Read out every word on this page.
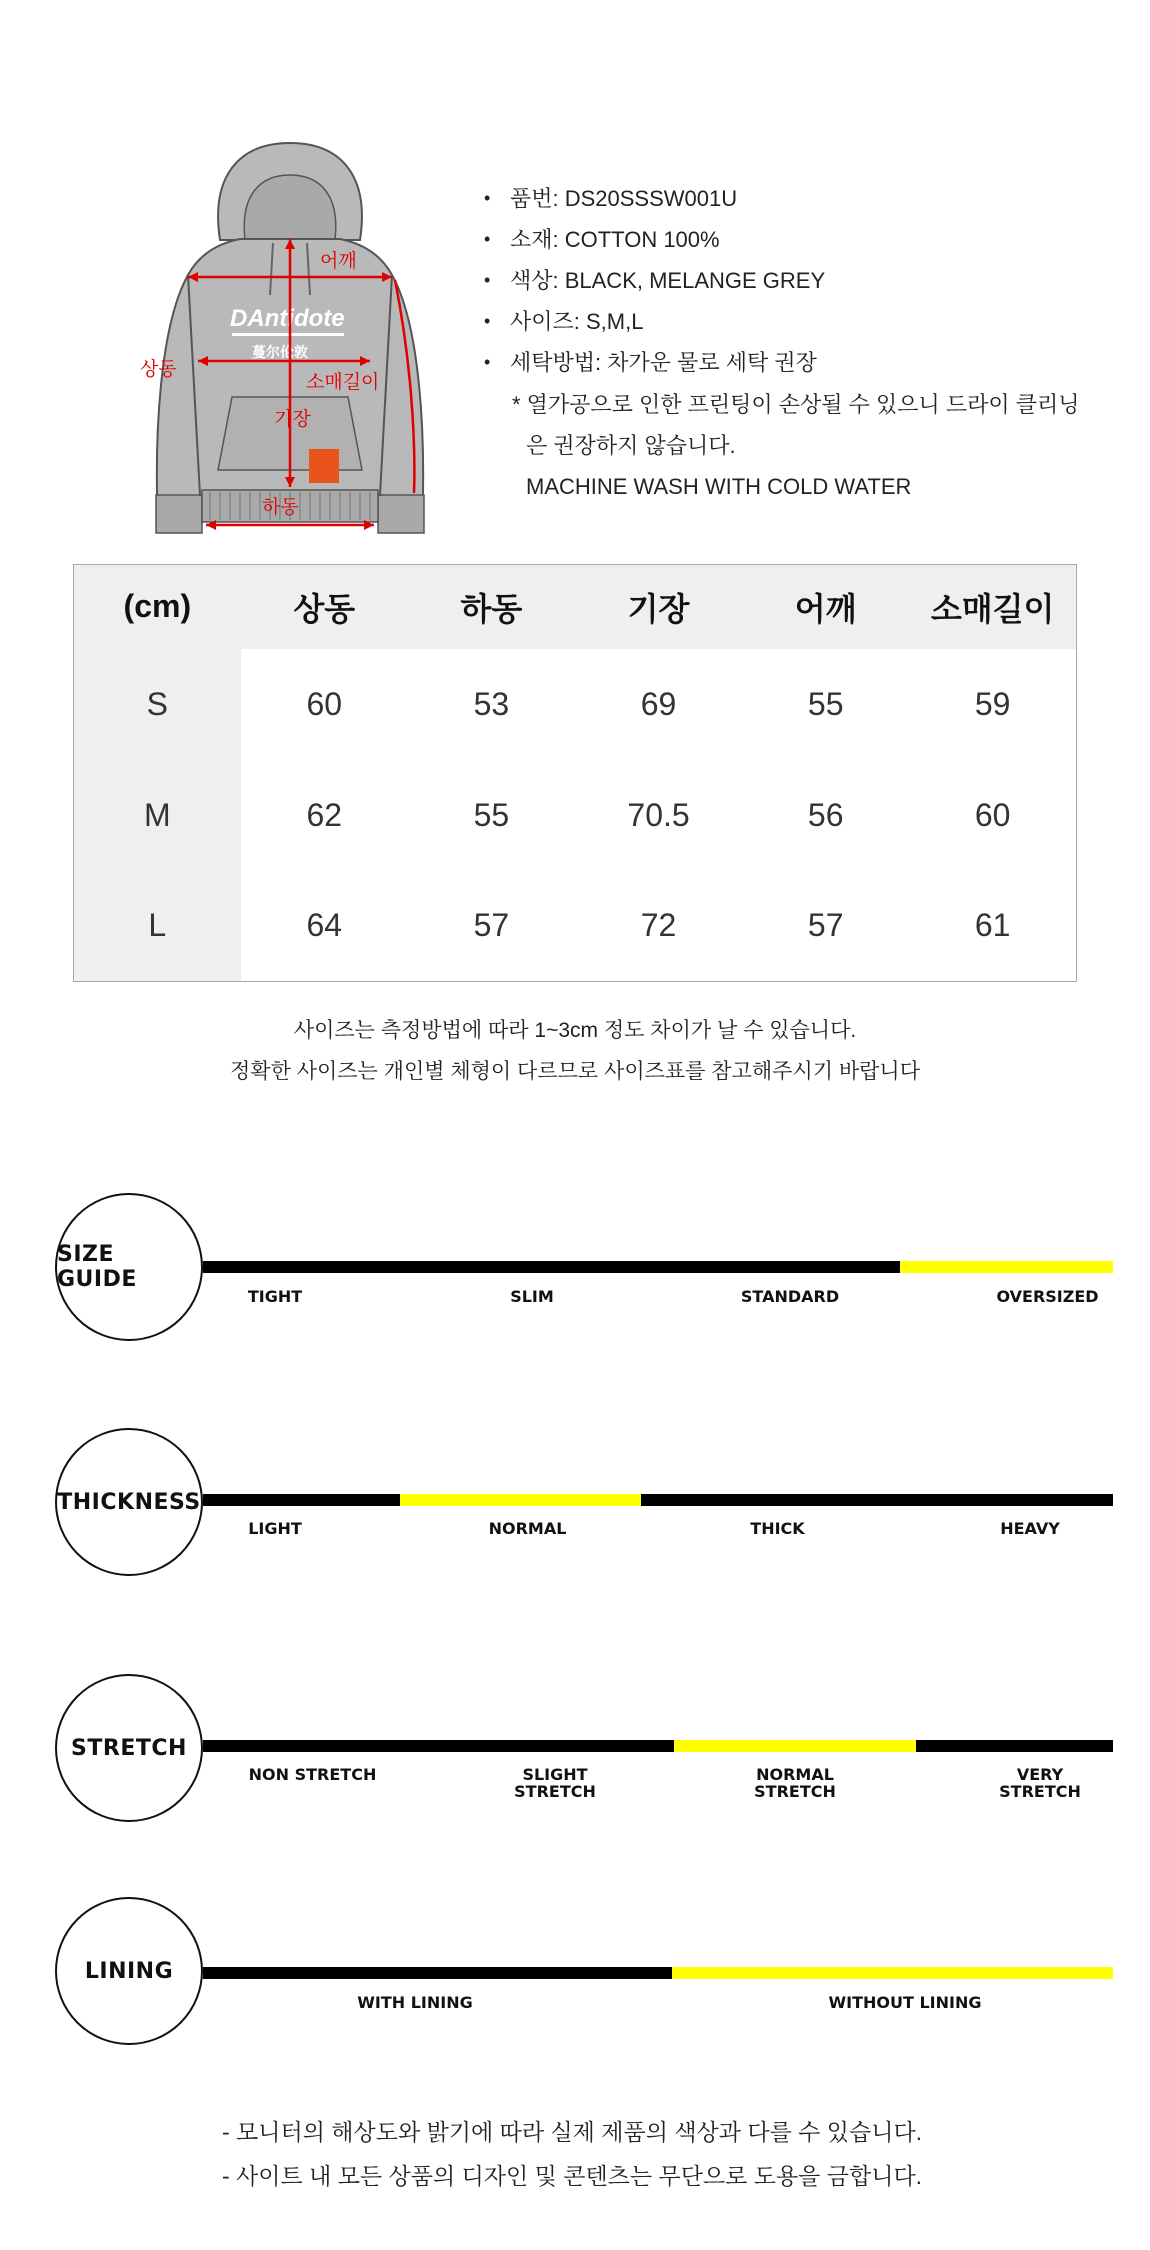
DAntidote
蔓尔伦敦
어깨
상동
소매길이
기장
하동
• 품번: DS20SSSW001U
• 소재: COTTON 100%
• 색상: BLACK, MELANGE GREY
• 사이즈: S,M,L
• 세탁방법: 차가운 물로 세탁 권장
* 열가공으로 인한 프린팅이 손상될 수 있으니 드라이 클리닝
은 권장하지 않습니다.
MACHINE WASH WITH COLD WATER
(cm)	상동	하동	기장	어깨	소매길이
S	60	53	69	55	59
M	62	55	70.5	56	60
L	64	57	72	57	61
사이즈는 측정방법에 따라 1~3cm 정도 차이가 날 수 있습니다.
정확한 사이즈는 개인별 체형이 다르므로 사이즈표를 참고해주시기 바랍니다
SIZE GUIDE
TIGHT	SLIM	STANDARD	OVERSIZED
THICKNESS
LIGHT	NORMAL	THICK	HEAVY
STRETCH
NON STRETCH	SLIGHT
STRETCH
NORMAL
STRETCH
VERY
STRETCH
LINING
WITH LINING	WITHOUT LINING
- 모니터의 해상도와 밝기에 따라 실제 제품의 색상과 다를 수 있습니다.
- 사이트 내 모든 상품의 디자인 및 콘텐츠는 무단으로 도용을 금합니다.
